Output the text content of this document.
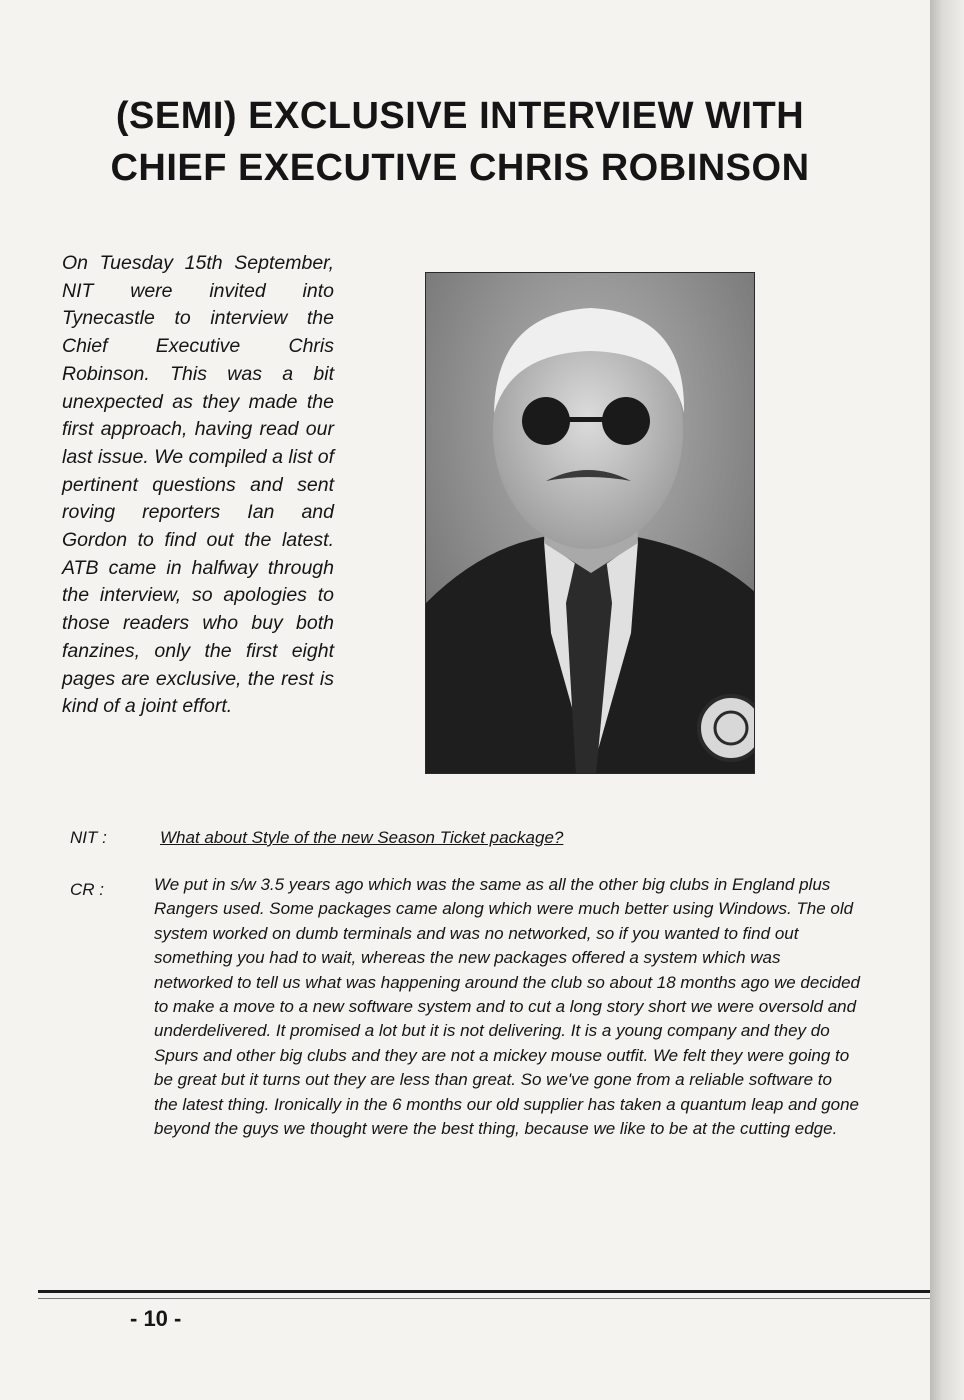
(SEMI) EXCLUSIVE INTERVIEW WITH CHIEF EXECUTIVE CHRIS ROBINSON

On Tuesday 15th September, NIT were invited into Tynecastle to interview the Chief Executive Chris Robinson. This was a bit unexpected as they made the first approach, having read our last issue. We compiled a list of pertinent questions and sent roving reporters Ian and Gordon to find out the latest. ATB came in halfway through the interview, so apologies to those readers who buy both fanzines, only the first eight pages are exclusive, the rest is kind of a joint effort.

NIT :	What about Style of the new Season Ticket package?
CR :	We put in s/w 3.5 years ago which was the same as all the other big clubs in England plus Rangers used. Some packages came along which were much better using Windows. The old system worked on dumb terminals and was no networked, so if you wanted to find out something you had to wait, whereas the new packages offered a system which was networked to tell us what was happening around the club so about 18 months ago we decided to make a move to a new software system and to cut a long story short we were oversold and underdelivered. It promised a lot but it is not delivering. It is a young company and they do Spurs and other big clubs and they are not a mickey mouse outfit. We felt they were going to be great but it turns out they are less than great. So we've gone from a reliable software to the latest thing. Ironically in the 6 months our old supplier has taken a quantum leap and gone beyond the guys we thought were the best thing, because we like to be at the cutting edge.

- 10 -
